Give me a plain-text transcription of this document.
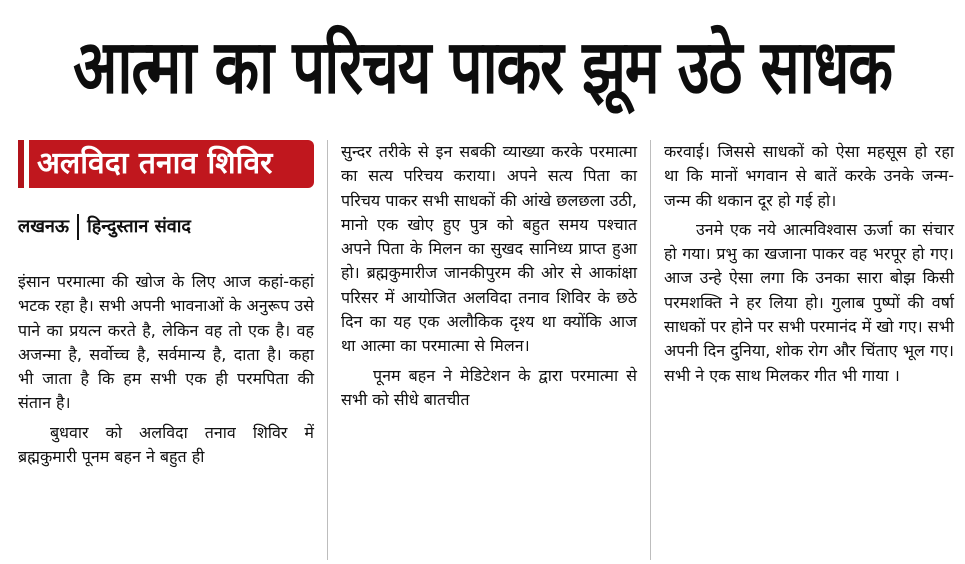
आत्मा का परिचय पाकर झूम उठे साधक
अलविदा तनाव शिविर
लखनऊ हिन्दुस्तान संवाद

इंसान परमात्मा की खोज के लिए आज कहां-कहां भटक रहा है। सभी अपनी भावनाओं के अनुरूप उसे पाने का प्रयत्न करते है, लेकिन वह तो एक है। वह अजन्मा है, सर्वोच्च है, सर्वमान्य है, दाता है। कहा भी जाता है कि हम सभी एक ही परमपिता की संतान है।

बुधवार को अलविदा तनाव शिविर में ब्रह्मकुमारी पूनम बहन ने बहुत ही

सुन्दर तरीके से इन सबकी व्याख्या करके परमात्मा का सत्य परिचय कराया। अपने सत्य पिता का परिचय पाकर सभी साधकों की आंखे छलछला उठी, मानो एक खोए हुए पुत्र को बहुत समय पश्चात अपने पिता के मिलन का सुखद सानिध्य प्राप्त हुआ हो। ब्रह्मकुमारीज जानकीपुरम की ओर से आकांक्षा परिसर में आयोजित अलविदा तनाव शिविर के छठे दिन का यह एक अलौकिक दृश्य था क्योंकि आज था आत्मा का परमात्मा से मिलन।

पूनम बहन ने मेडिटेशन के द्वारा परमात्मा से सभी को सीधे बातचीत

करवाई। जिससे साधकों को ऐसा महसूस हो रहा था कि मानों भगवान से बातें करके उनके जन्म-जन्म की थकान दूर हो गई हो।

उनमे एक नये आत्मविश्वास ऊर्जा का संचार हो गया। प्रभु का खजाना पाकर वह भरपूर हो गए। आज उन्हे ऐसा लगा कि उनका सारा बोझ किसी परमशक्ति ने हर लिया हो। गुलाब पुष्पों की वर्षा साधकों पर होने पर सभी परमानंद में खो गए। सभी अपनी दिन दुनिया, शोक रोग और चिंताए भूल गए। सभी ने एक साथ मिलकर गीत भी गाया ।
